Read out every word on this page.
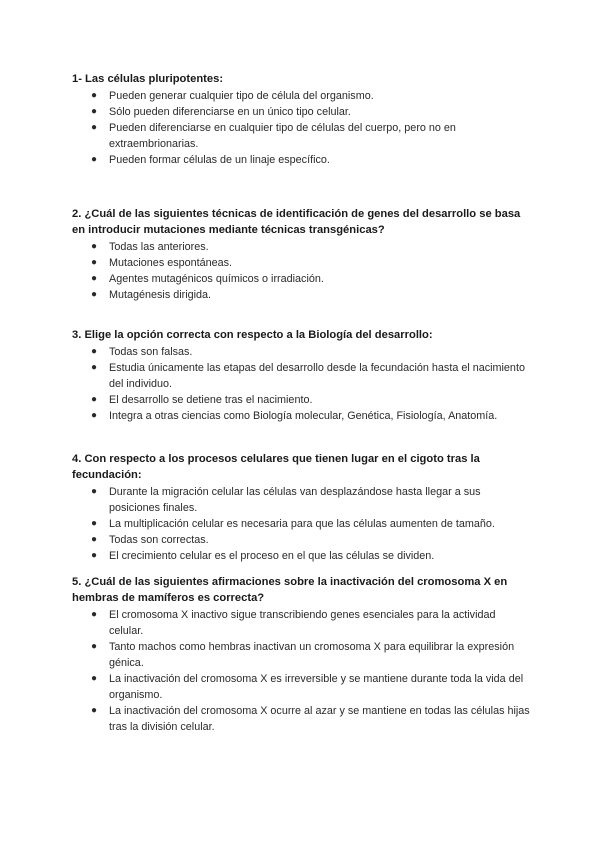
1- Las células pluripotentes:

● Pueden generar cualquier tipo de célula del organismo.
● Sólo pueden diferenciarse en un único tipo celular.
● Pueden diferenciarse en cualquier tipo de células del cuerpo, pero no en extraembrionarias.
● Pueden formar células de un linaje específico.

2. ¿Cuál de las siguientes técnicas de identificación de genes del desarrollo se basa en introducir mutaciones mediante técnicas transgénicas?

● Todas las anteriores.
● Mutaciones espontáneas.
● Agentes mutagénicos químicos o irradiación.
● Mutagénesis dirigida.

3. Elige la opción correcta con respecto a la Biología del desarrollo:

● Todas son falsas.
● Estudia únicamente las etapas del desarrollo desde la fecundación hasta el nacimiento del individuo.
● El desarrollo se detiene tras el nacimiento.
● Integra a otras ciencias como Biología molecular, Genética, Fisiología, Anatomía.

4. Con respecto a los procesos celulares que tienen lugar en el cigoto tras la fecundación:

● Durante la migración celular las células van desplazándose hasta llegar a sus posiciones finales.
● La multiplicación celular es necesaria para que las células aumenten de tamaño.
● Todas son correctas.
● El crecimiento celular es el proceso en el que las células se dividen.

5. ¿Cuál de las siguientes afirmaciones sobre la inactivación del cromosoma X en hembras de mamíferos es correcta?

● El cromosoma X inactivo sigue transcribiendo genes esenciales para la actividad celular.
● Tanto machos como hembras inactivan un cromosoma X para equilibrar la expresión génica.
● La inactivación del cromosoma X es irreversible y se mantiene durante toda la vida del organismo.
● La inactivación del cromosoma X ocurre al azar y se mantiene en todas las células hijas tras la división celular.
